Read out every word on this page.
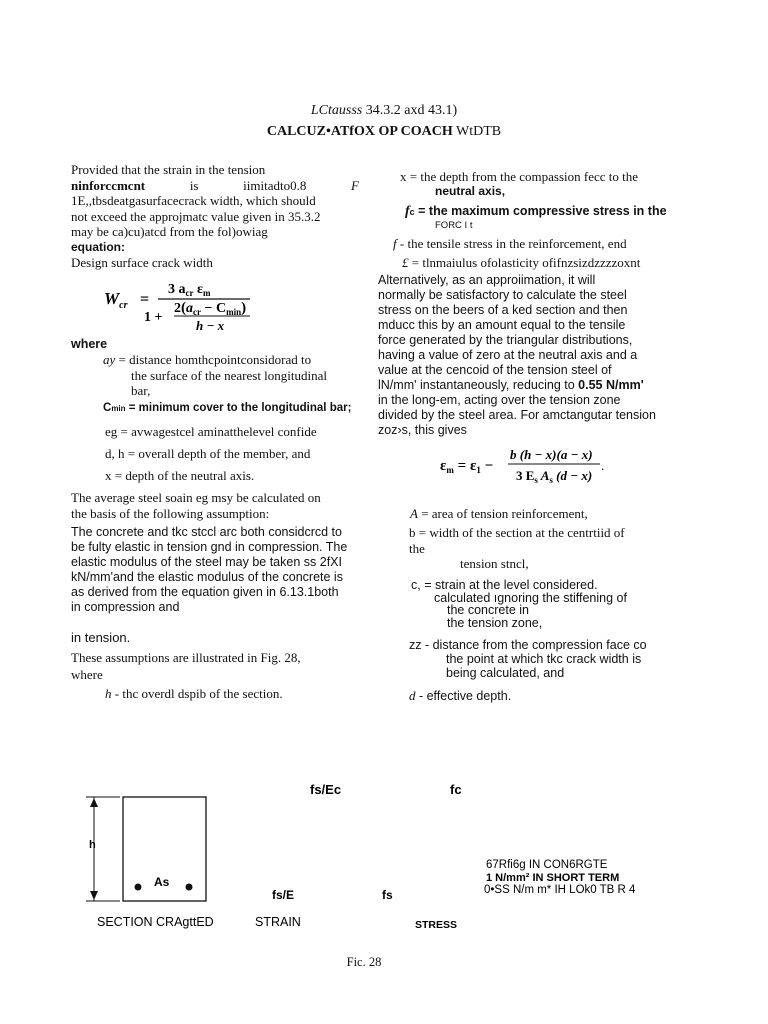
LCtausss 34.3.2 axd 43.1)
CALCUZ•ATfOX OP COACH WtDTB
Provided that the strain in the tension
ninforccmcnt	is	iimitadto0.8	F
1E,,tbsdeatgasurfacecrack width, which should
not exceed the approjmatc value given in 35.3.2
may be ca)cu)atcd from the fol)owiag
equation:
Design surface crack width
$W_{cr}$ =
3 $a_{cr}$ $\varepsilon_m$
1 +
$2(a_{cr} - C_{min})$
h − x
where
ay = distance homthcpointconsidorad to
the surface of the nearest longitudinal
bar,
Cmin = minimum cover to the longitudinal bar;
eg = avwagestcel aminatthelevel confide
d, h = overall depth of the member, and
x = depth of the neutral axis.
The average steel soain eg msy be calculated on
the basis of the following assumption:
The concrete and tkc stccl arc both considcrcd to
be fulty elastic in tension gnd in compression. The
elastic modulus of the steel may be taken ss 2fXI
kN/mm'and the elastic modulus of the concrete is
as derived from the equation given in 6.13.1both
in compression and
in tension.
These assumptions are illustrated in Fig. 28,
where
h - thc overdl dspib of the section.
x = the depth from the compassion fecc to the
neutral axis,
fc = the maximum compressive stress in the
FORC I t
f - the tensile stress in the reinforcement, end
£ = tlnmaiulus ofolasticity ofifnzsizdzzzzoxnt
Alternatively, as an approiimation, it will
normally be satisfactory to calculate the steel
stress on the beers of a ked section and then
mducc this by an amount equal to the tensile
force generated by the triangular distributions,
having a value of zero at the neutral axis and a
value at the cencoid of the tension steel of
lN/mm' instantaneously, reducing to 0.55 N/mm'
in the long-em, acting over the tension zone
divided by the steel area. For amctangutar tension
zoz›s, this gives
$\varepsilon_m = \varepsilon_1$ −
b (h − x)(a − x)
3 $E_s$ $A_s$ (d − x)
.
A = area of tension reinforcement,
b = width of the section at the centrtiid of
the
tension stncl,
c, = strain at the level considered.
calculated ıgnoring the stiffening of
the concrete in
the tension zone,
zz - distance from the compression face co
the point at which tkc crack width is
being calculated, and
d - effective depth.
h
As
fs/Ec	fc
fs/E	fs
67Rfi6g IN CON6RGTE
1 N/mm² IN SHORT TERM
0•SS N/m m* IH LOk0 TB R 4
SECTION CRAgttED	STRAIN	STRESS
Fic. 28
